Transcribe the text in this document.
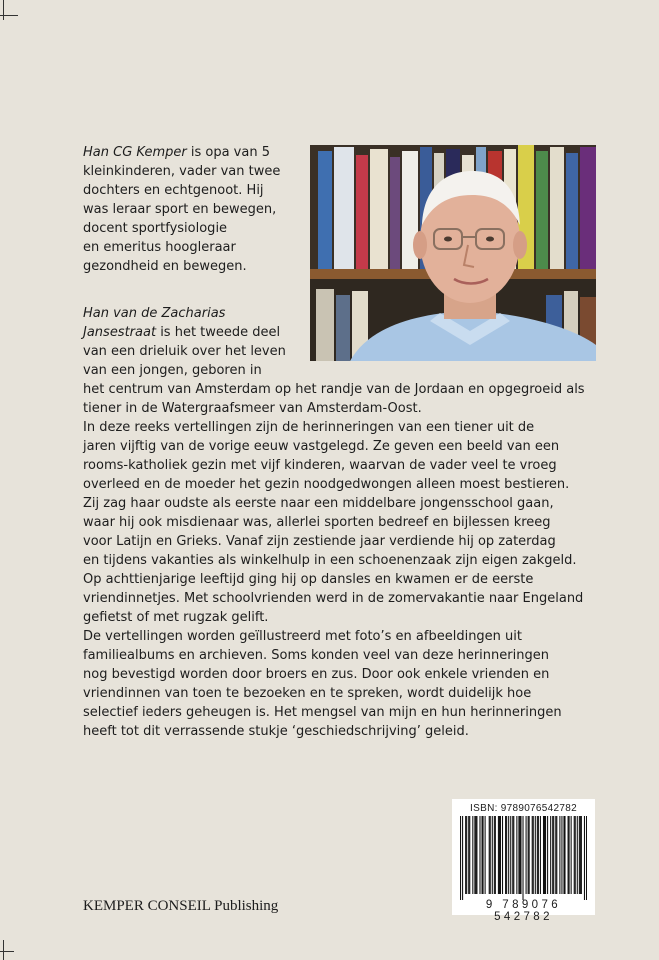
Han CG Kemper is opa van 5
kleinkinderen, vader van twee
dochters en echtgenoot. Hij
was leraar sport en bewegen,
docent sportfysiologie
en emeritus hoogleraar
gezondheid en bewegen.
Han van de Zacharias
Jansestraat is het tweede deel
van een drieluik over het leven
van een jongen, geboren in
het centrum van Amsterdam op het randje van de Jordaan en opgegroeid als
tiener in de Watergraafsmeer van Amsterdam-Oost.
In deze reeks vertellingen zijn de herinneringen van een tiener uit de
jaren vijftig van de vorige eeuw vastgelegd. Ze geven een beeld van een
rooms-katholiek gezin met vijf kinderen, waarvan de vader veel te vroeg
overleed en de moeder het gezin noodgedwongen alleen moest bestieren.
Zij zag haar oudste als eerste naar een middelbare jongensschool gaan,
waar hij ook misdienaar was, allerlei sporten bedreef en bijlessen kreeg
voor Latijn en Grieks. Vanaf zijn zestiende jaar verdiende hij op zaterdag
en tijdens vakanties als winkelhulp in een schoenenzaak zijn eigen zakgeld.
Op achttienjarige leeftijd ging hij op dansles en kwamen er de eerste
vriendinnetjes. Met schoolvrienden werd in de zomervakantie naar Engeland
gefietst of met rugzak gelift.
De vertellingen worden geïllustreerd met foto’s en afbeeldingen uit
familiealbums en archieven. Soms konden veel van deze herinneringen
nog bevestigd worden door broers en zus. Door ook enkele vrienden en
vriendinnen van toen te bezoeken en te spreken, wordt duidelijk hoe
selectief ieders geheugen is. Het mengsel van mijn en hun herinneringen
heeft tot dit verrassende stukje ‘geschiedschrijving’ geleid.
ISBN: 9789076542782
9 789076 542782
KEMPER CONSEIL Publishing
